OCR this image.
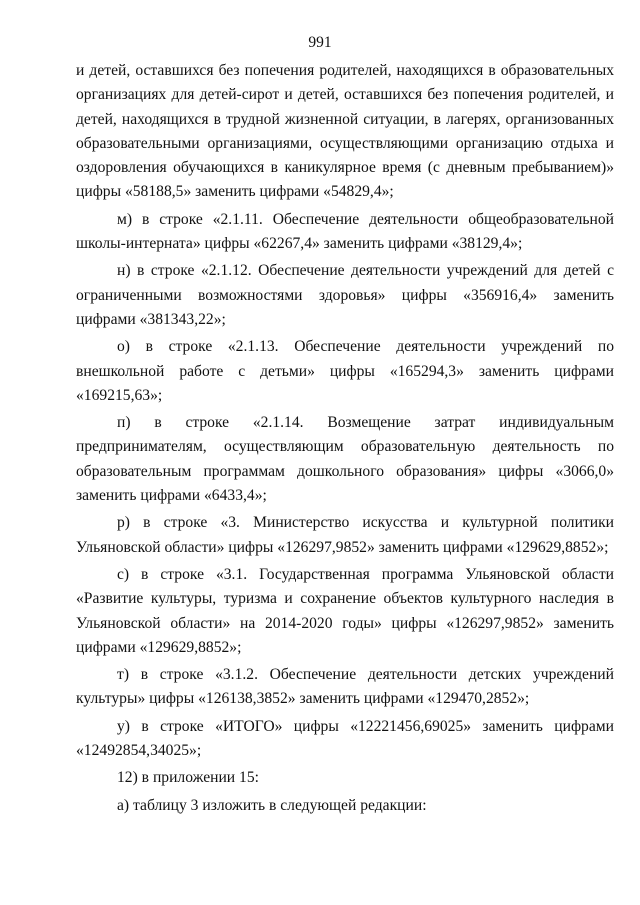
991

и детей, оставшихся без попечения родителей, находящихся в образовательных организациях для детей-сирот и детей, оставшихся без попечения родителей, и детей, находящихся в трудной жизненной ситуации, в лагерях, организованных образовательными организациями, осуществляющими организацию отдыха и оздоровления обучающихся в каникулярное время (с дневным пребыванием)» цифры «58188,5» заменить цифрами «54829,4»;

м) в строке «2.1.11. Обеспечение деятельности общеобразовательной школы-интерната» цифры «62267,4» заменить цифрами «38129,4»;

н) в строке «2.1.12. Обеспечение деятельности учреждений для детей с ограниченными возможностями здоровья» цифры «356916,4» заменить цифрами «381343,22»;

о) в строке «2.1.13. Обеспечение деятельности учреждений по внешкольной работе с детьми» цифры «165294,3» заменить цифрами «169215,63»;

п) в строке «2.1.14. Возмещение затрат индивидуальным предпринимателям, осуществляющим образовательную деятельность по образовательным программам дошкольного образования» цифры «3066,0» заменить цифрами «6433,4»;

р) в строке «3. Министерство искусства и культурной политики Ульяновской области» цифры «126297,9852» заменить цифрами «129629,8852»;

с) в строке «3.1. Государственная программа Ульяновской области «Развитие культуры, туризма и сохранение объектов культурного наследия в Ульяновской области» на 2014-2020 годы» цифры «126297,9852» заменить цифрами «129629,8852»;

т) в строке «3.1.2. Обеспечение деятельности детских учреждений культуры» цифры «126138,3852» заменить цифрами «129470,2852»;

у) в строке «ИТОГО» цифры «12221456,69025» заменить цифрами «12492854,34025»;

12) в приложении 15:

а) таблицу 3 изложить в следующей редакции:
